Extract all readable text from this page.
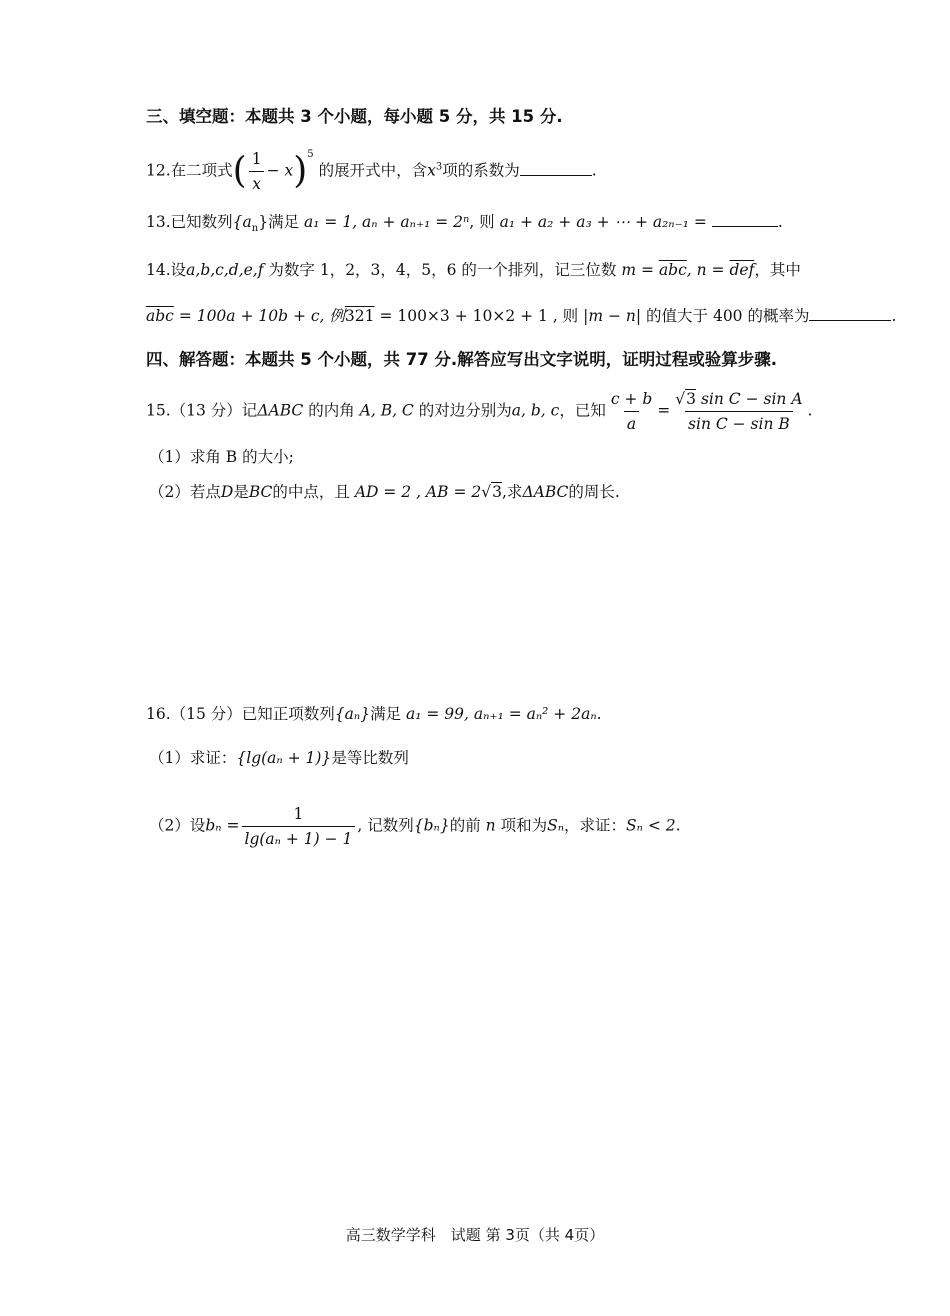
三、填空题：本题共 3 个小题，每小题 5 分，共 15 分.
12.在二项式( $\frac{1}{x} - x)^5$ 的展开式中，含$x^3$项的系数为	.
13.已知数列$\{a_n\}$满足 a₁ = 1, aₙ + aₙ₊₁ = 2ⁿ, 则 a₁ + a₂ + a₃ + ⋯ + a₂ₙ₋₁ =	.
14.设a,b,c,d,e,f 为数字 1，2，3，4，5，6 的一个排列，记三位数 $m = \overline{abc}$, $n = \overline{def}$，其中
$\overline{abc} = 100a + 10b + c$, 例321 = 100×3 + 10×2 + 1 , 则 |m − n| 的值大于 400 的概率为	.
四、解答题：本题共 5 个小题，共 77 分.解答应写出文字说明，证明过程或验算步骤.
15.（13 分）记ΔABC 的内角 A, B, C 的对边分别为a, b, c，已知 $\frac{c + b}{a} = \frac{\text{√3 sin C − sin A}}{\text{sin C − sin B}}$ .
（1）求角 B 的大小;
（2）若点D是BC的中点，且 AD = 2 , AB = 2√3,求ΔABC的周长.
16.（15 分）已知正项数列{aₙ}满足 a₁ = 99, aₙ₊₁ = aₙ² + 2aₙ.
（1）求证：{lg(aₙ + 1)}是等比数列
（2）设$b_n = \frac{1}{\text{lg(aₙ + 1) − 1}}$ , 记数列{bₙ}的前 n 项和为Sₙ，求证：Sₙ < 2.
高三数学学科　试题 第 3页（共 4页）
